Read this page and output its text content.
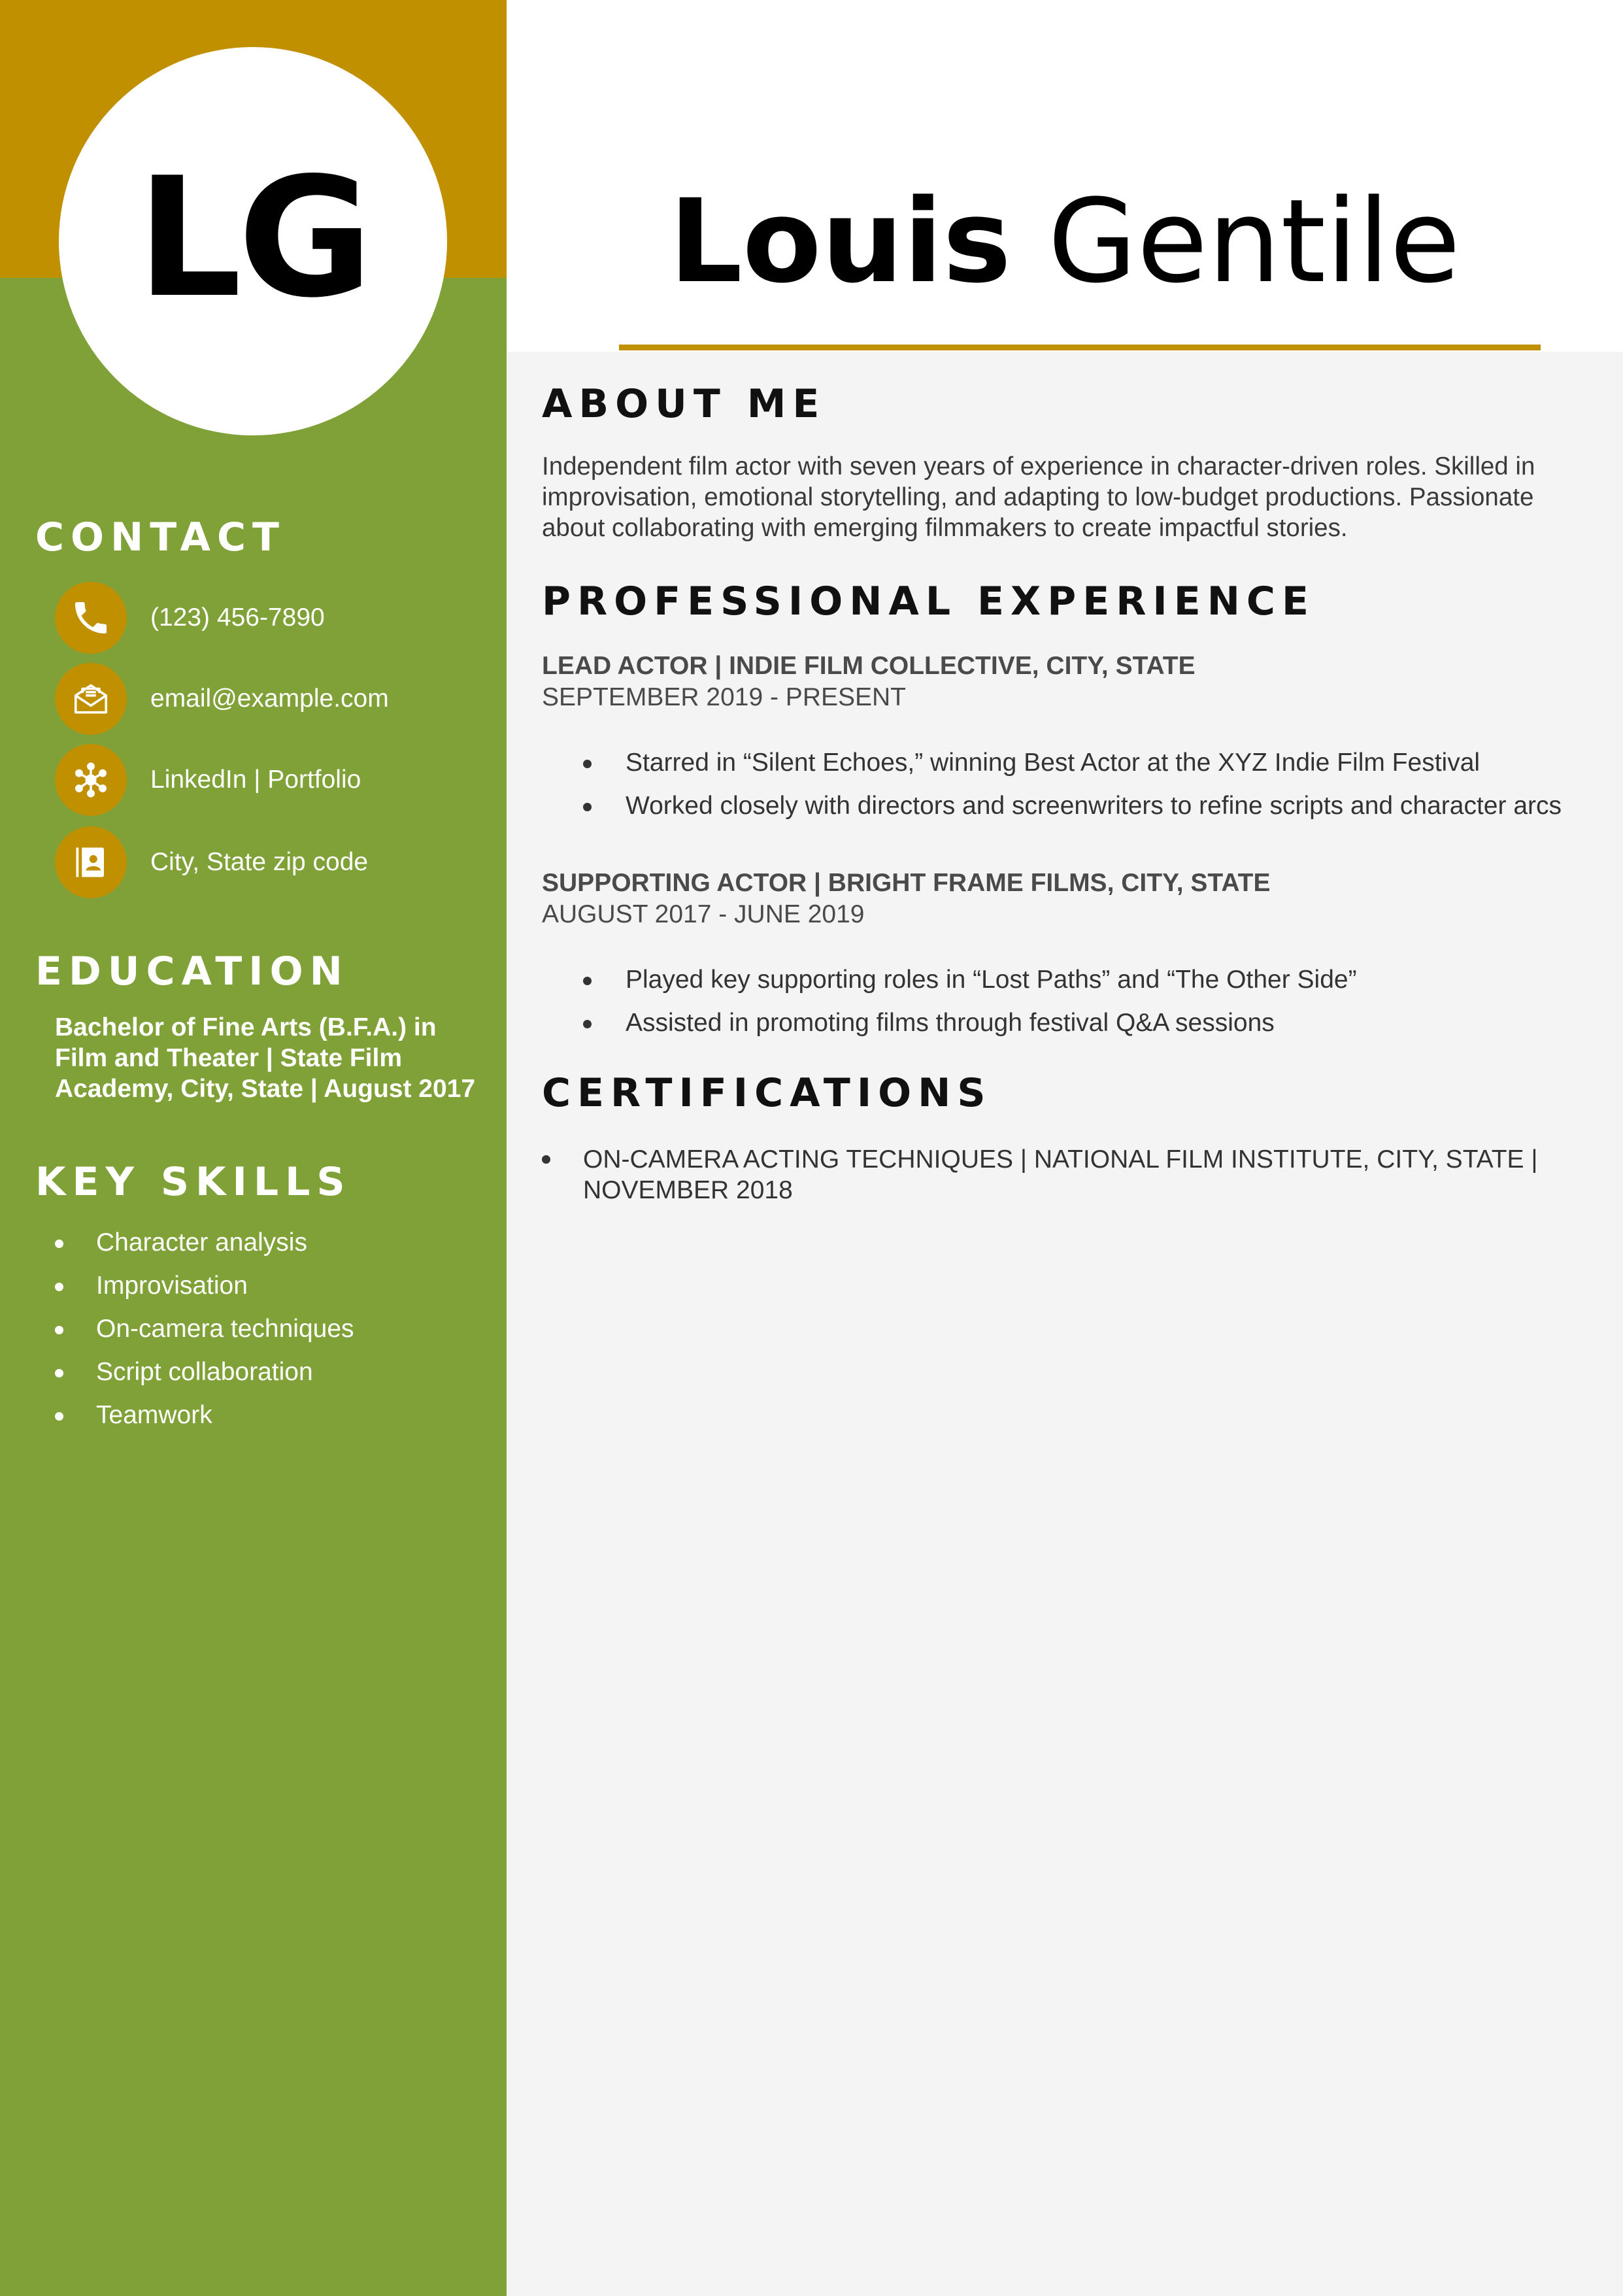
LG
CONTACT
(123) 456-7890
email@example.com
LinkedIn | Portfolio
City, State zip code
EDUCATION

Bachelor of Fine Arts (B.F.A.) in Film and Theater | State Film Academy, City, State | August 2017

KEY SKILLS
Character analysis
Improvisation
On-camera techniques
Script collaboration
Teamwork
Louis Gentile
ABOUT ME

Independent film actor with seven years of experience in character-driven roles. Skilled in improvisation, emotional storytelling, and adapting to low-budget productions. Passionate about collaborating with emerging filmmakers to create impactful stories.

PROFESSIONAL EXPERIENCE

LEAD ACTOR | INDIE FILM COLLECTIVE, CITY, STATE

SEPTEMBER 2019 - PRESENT

Starred in “Silent Echoes,” winning Best Actor at the XYZ Indie Film Festival
Worked closely with directors and screenwriters to refine scripts and character arcs

SUPPORTING ACTOR | BRIGHT FRAME FILMS, CITY, STATE

AUGUST 2017 - JUNE 2019

Played key supporting roles in “Lost Paths” and “The Other Side”
Assisted in promoting films through festival Q&A sessions
CERTIFICATIONS
ON-CAMERA ACTING TECHNIQUES | NATIONAL FILM INSTITUTE, CITY, STATE | NOVEMBER 2018
